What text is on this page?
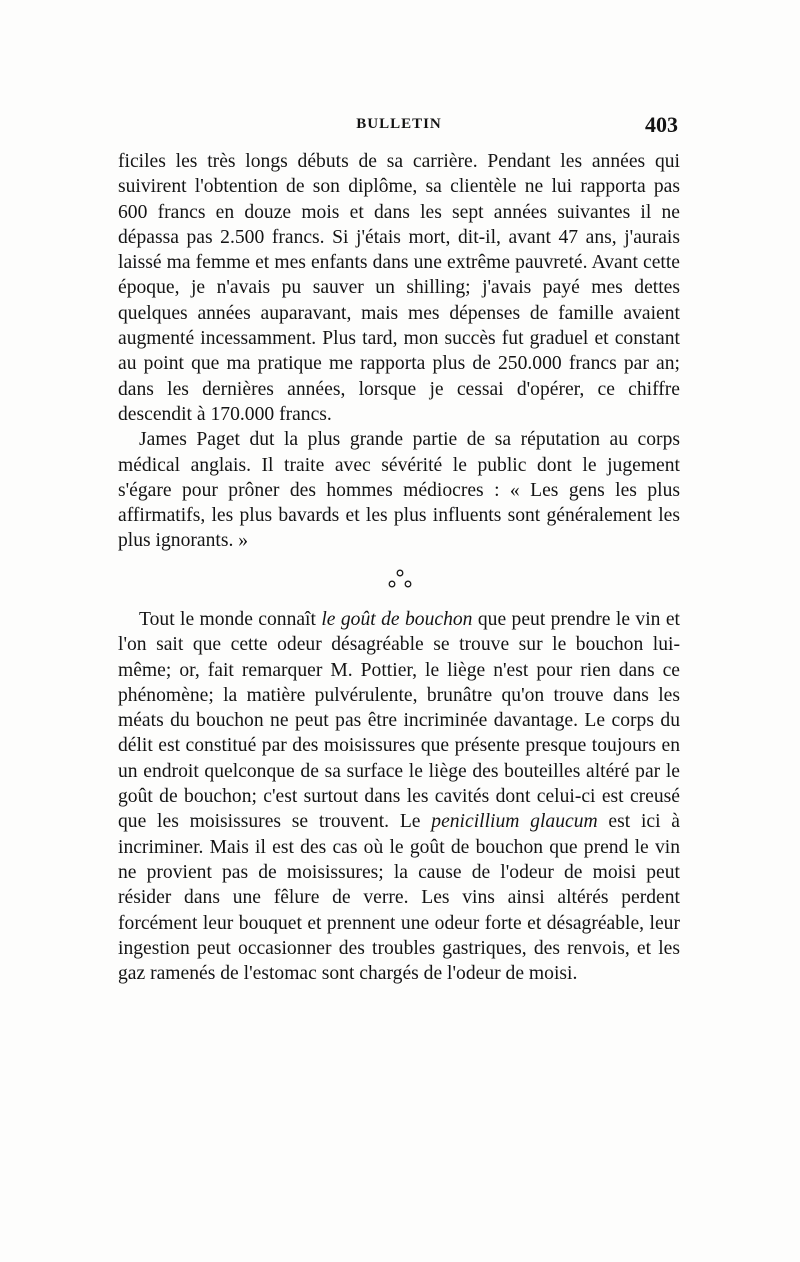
BULLETIN	403

ficiles les très longs débuts de sa carrière. Pendant les années qui suivirent l'obtention de son diplôme, sa clientèle ne lui rapporta pas 600 francs en douze mois et dans les sept années suivantes il ne dépassa pas 2.500 francs. Si j'étais mort, dit-il, avant 47 ans, j'aurais laissé ma femme et mes enfants dans une extrême pauvreté. Avant cette époque, je n'avais pu sauver un shilling; j'avais payé mes dettes quelques années auparavant, mais mes dépenses de famille avaient augmenté incessamment. Plus tard, mon succès fut graduel et constant au point que ma pratique me rapporta plus de 250.000 francs par an; dans les dernières années, lorsque je cessai d'opérer, ce chiffre descendit à 170.000 francs.

James Paget dut la plus grande partie de sa réputation au corps médical anglais. Il traite avec sévérité le public dont le jugement s'égare pour prôner des hommes médiocres : « Les gens les plus affirmatifs, les plus bavards et les plus influents sont généralement les plus ignorants. »

Tout le monde connaît le goût de bouchon que peut prendre le vin et l'on sait que cette odeur désagréable se trouve sur le bouchon lui-même; or, fait remarquer M. Pottier, le liège n'est pour rien dans ce phénomène; la matière pulvérulente, brunâtre qu'on trouve dans les méats du bouchon ne peut pas être incriminée davantage. Le corps du délit est constitué par des moisissures que présente presque toujours en un endroit quelconque de sa surface le liège des bouteilles altéré par le goût de bouchon; c'est surtout dans les cavités dont celui-ci est creusé que les moisissures se trouvent. Le penicillium glaucum est ici à incriminer. Mais il est des cas où le goût de bouchon que prend le vin ne provient pas de moisissures; la cause de l'odeur de moisi peut résider dans une fêlure de verre. Les vins ainsi altérés perdent forcément leur bouquet et prennent une odeur forte et désagréable, leur ingestion peut occasionner des troubles gastriques, des renvois, et les gaz ramenés de l'estomac sont chargés de l'odeur de moisi.
